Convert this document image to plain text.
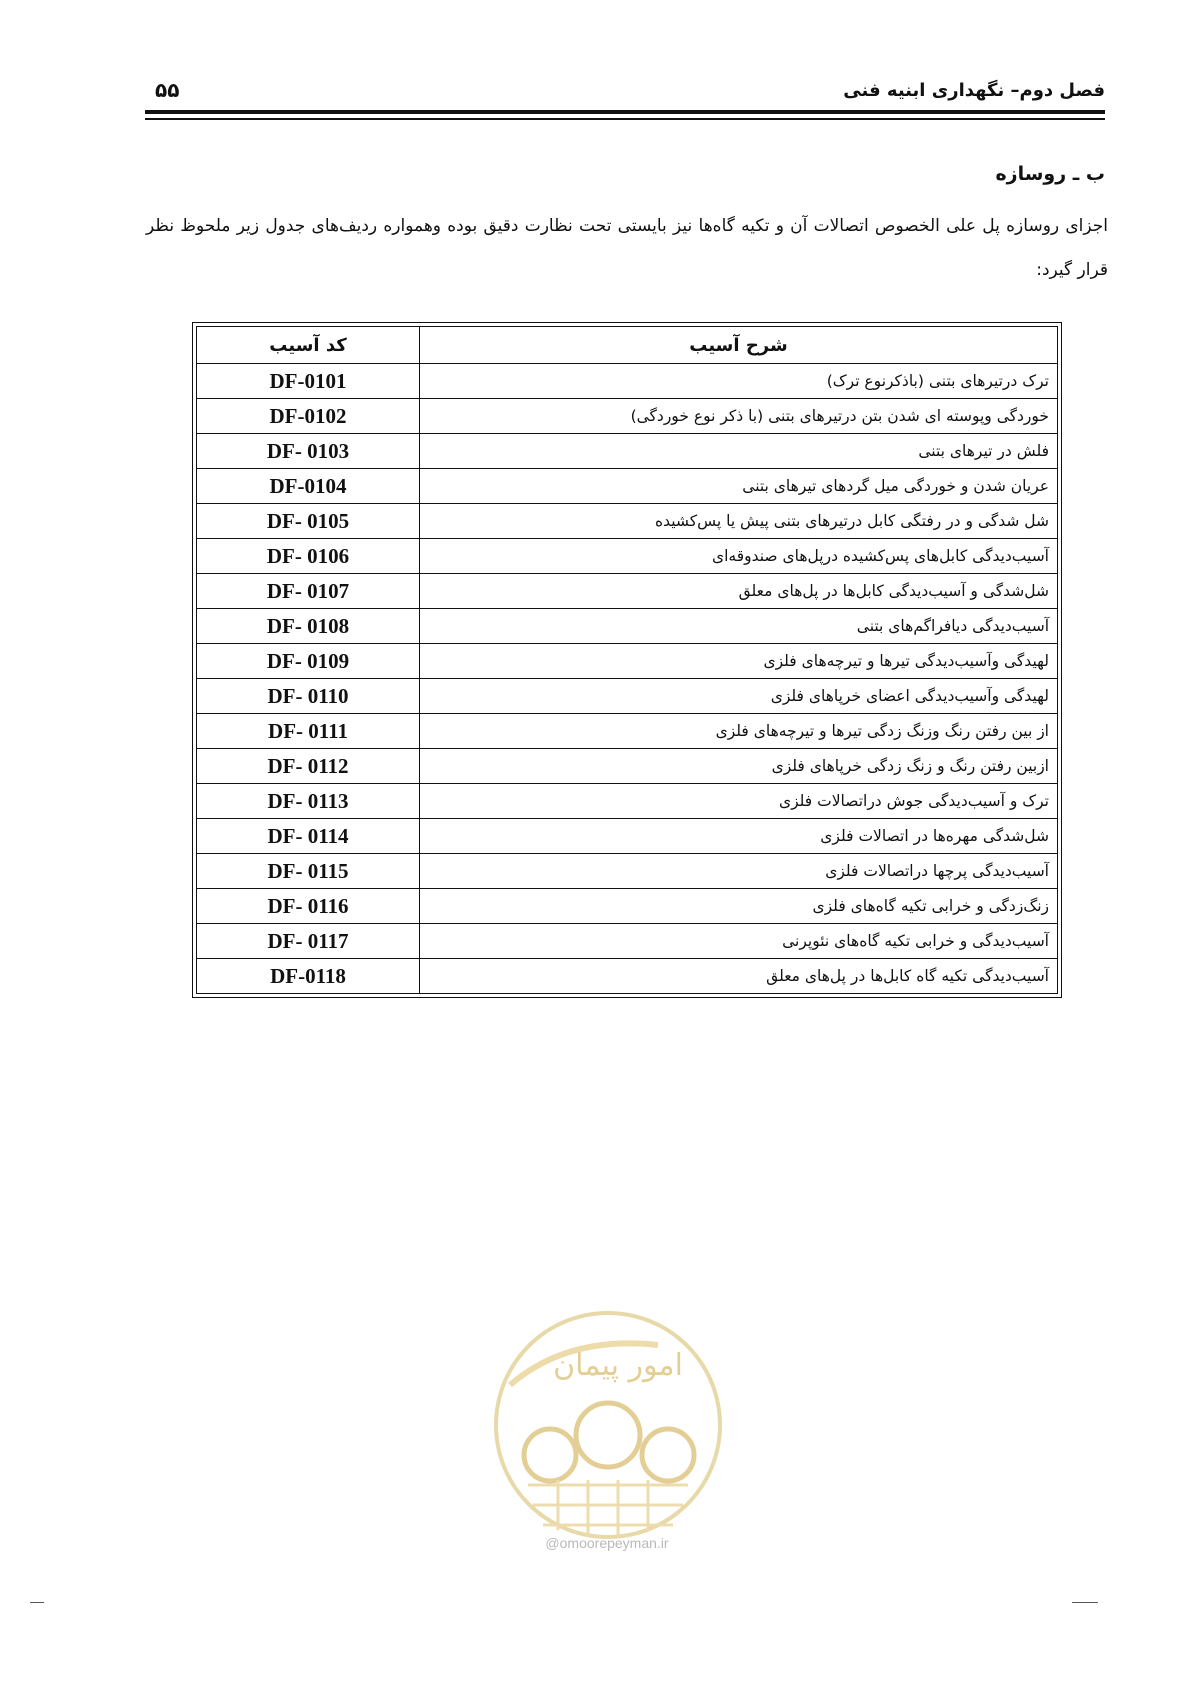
فصل دوم– نگهداری ابنیه فنی
۵۵
ب ـ روسازه
اجزای روسازه پل علی الخصوص اتصالات آن و تکیه گاه‌ها نیز بایستی تحت نظارت دقیق بوده وهمواره ردیف‌های جدول زیر ملحوظ نظر قرار گیرد:
شرح آسیب	کد آسیب
ترک درتیرهای بتنی (باذکرنوع ترک)	DF-0101
خوردگی وپوسته ای شدن بتن درتیرهای بتنی (با ذکر نوع خوردگی)	DF-0102
فلش در تیرهای بتنی	DF- 0103
عریان شدن و خوردگی میل گردهای تیرهای بتنی	DF-0104
شل شدگی و در رفتگی کابل درتیرهای بتنی پیش یا پس‌کشیده	DF- 0105
آسیب‌دیدگی کابل‌های پس‌کشیده درپل‌های صندوقه‌ای	DF- 0106
شل‌شدگی و آسیب‌دیدگی کابل‌ها در پل‌های معلق	DF- 0107
آسیب‌دیدگی دیافراگم‌های بتنی	DF- 0108
لهیدگی وآسیب‌دیدگی تیرها و تیرچه‌های فلزی	DF- 0109
لهیدگی وآسیب‌دیدگی اعضای خرپاهای فلزی	DF- 0110
از بین رفتن رنگ وزنگ زدگی تیرها و تیرچه‌های فلزی	DF- 0111
ازبین رفتن رنگ و زنگ زدگی خرپاهای فلزی	DF- 0112
ترک و آسیب‌دیدگی جوش دراتصالات فلزی	DF- 0113
شل‌شدگی مهره‌ها در اتصالات فلزی	DF- 0114
آسیب‌دیدگی پرچها دراتصالات فلزی	DF- 0115
زنگ‌زدگی و خرابی تکیه گاه‌های فلزی	DF- 0116
آسیب‌دیدگی و خرابی تکیه گاه‌های نئوپرنی	DF- 0117
آسیب‌دیدگی تکیه گاه کابل‌ها در پل‌های معلق	DF-0118
امور پیمان
@omoorepeyman.ir
